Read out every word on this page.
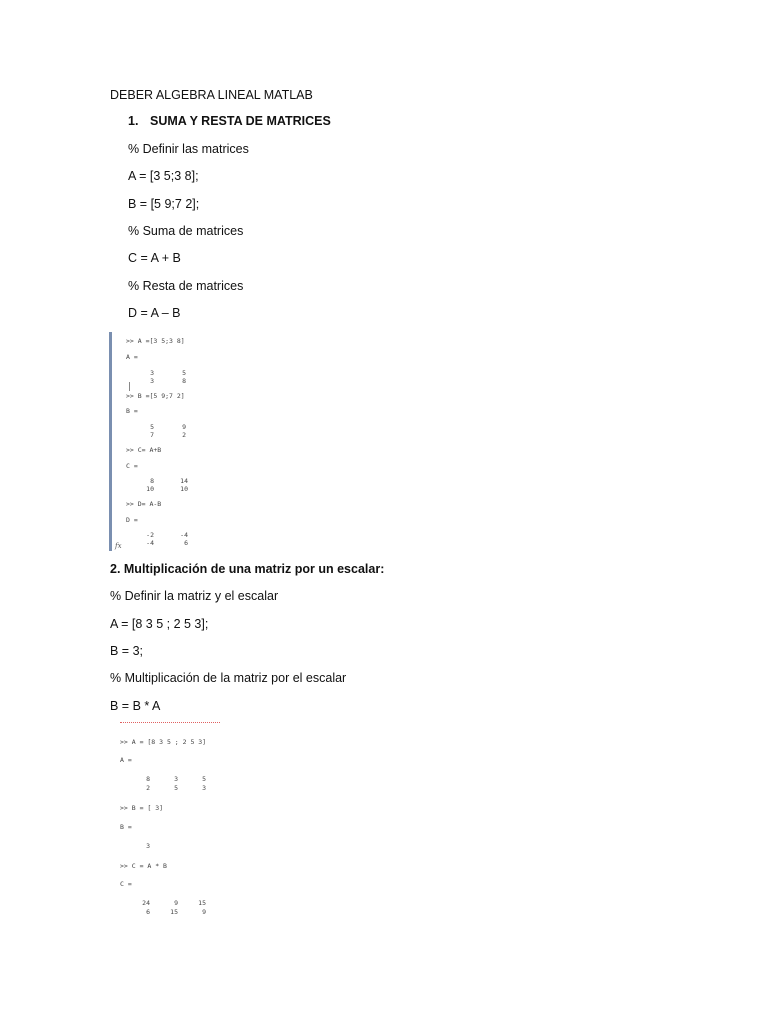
DEBER ALGEBRA LINEAL MATLAB
1. SUMA Y RESTA DE MATRICES
% Definir las matrices
A = [3 5;3 8];
B = [5 9;7 2];
% Suma de matrices
C = A + B
% Resta de matrices
D = A – B
>> A =[3 5;3 8]
A =
3	5
3	8
>> B =[5 9;7 2]
B =
5	9
7	2
>> C= A+B
C =
8	14
10	10
>> D= A-B
D =
-2	-4
-4	6
fx
2. Multiplicación de una matriz por un escalar:
% Definir la matriz y el escalar
A = [8 3 5 ; 2 5 3];
B = 3;
% Multiplicación de la matriz por el escalar
B = B * A
>> A = [8 3 5 ; 2 5 3]
A =
8	3	5
2	5	3
>> B = [ 3]
B =
3
>> C = A * B
C =
24	9	15
6	15	9
